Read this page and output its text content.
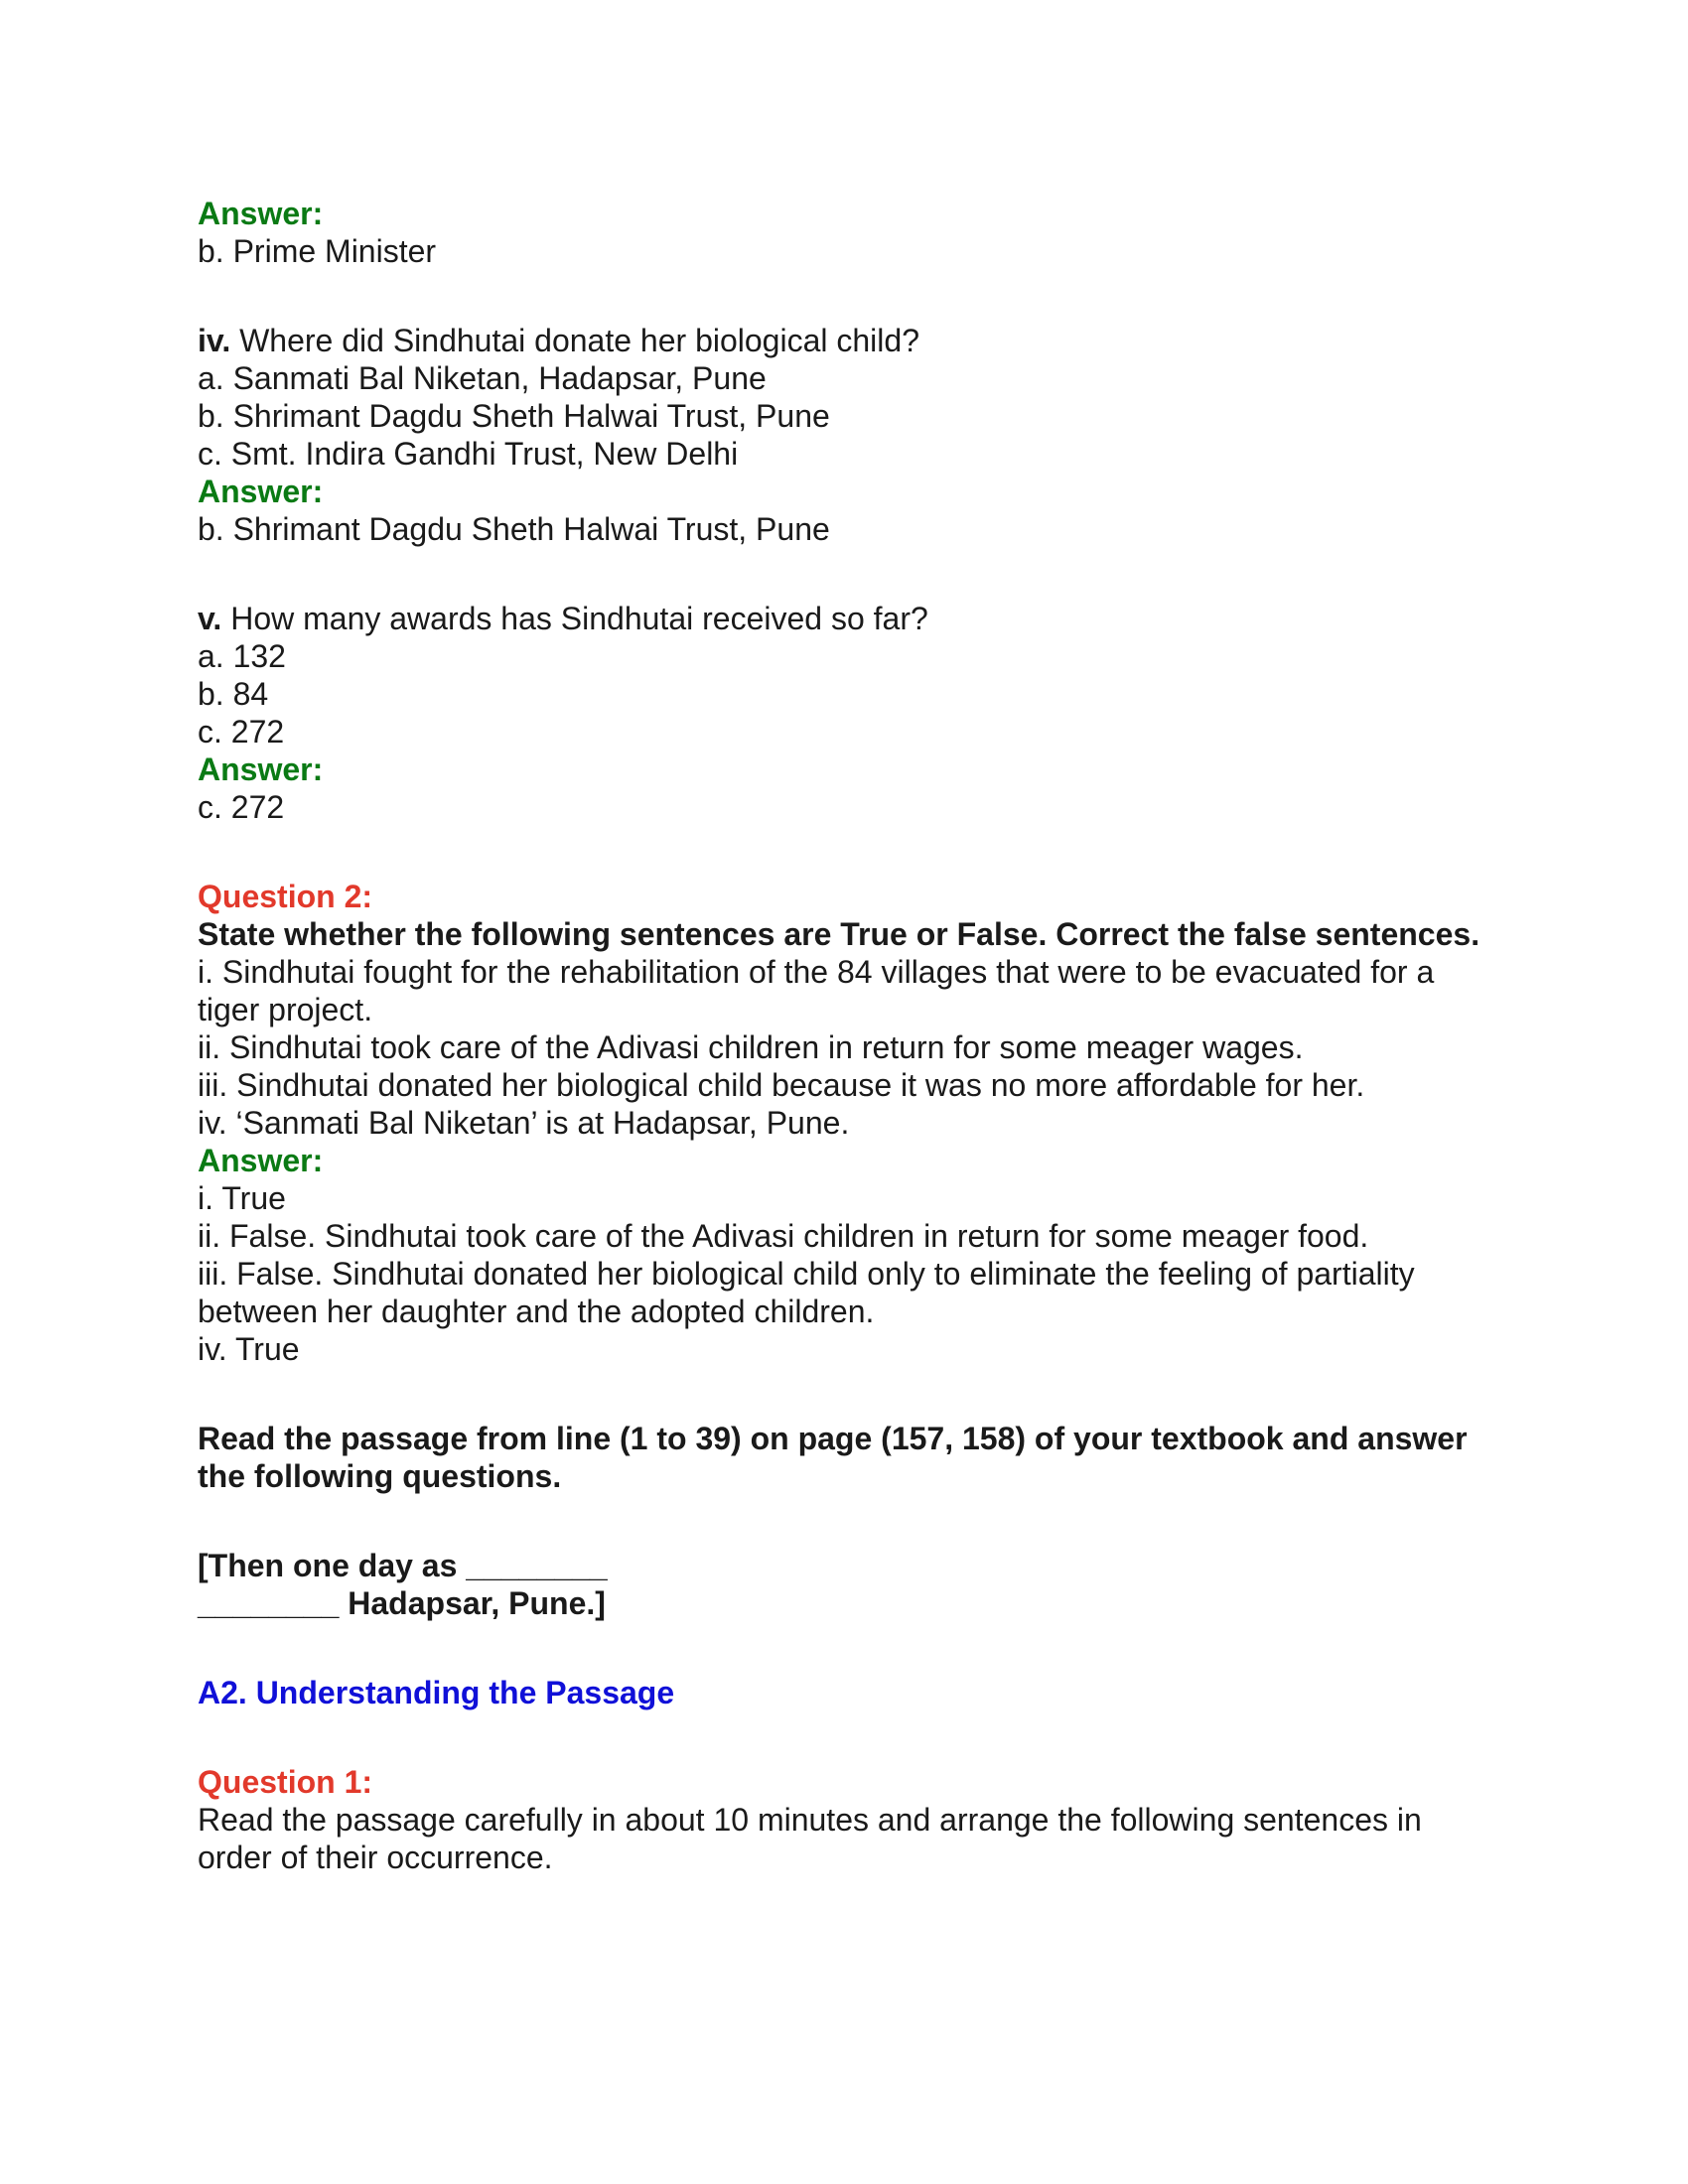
Answer:

b. Prime Minister

iv. Where did Sindhutai donate her biological child?

a. Sanmati Bal Niketan, Hadapsar, Pune

b. Shrimant Dagdu Sheth Halwai Trust, Pune

c. Smt. Indira Gandhi Trust, New Delhi

Answer:

b. Shrimant Dagdu Sheth Halwai Trust, Pune

v. How many awards has Sindhutai received so far?

a. 132

b. 84

c. 272

Answer:

c. 272

Question 2:

State whether the following sentences are True or False. Correct the false sentences.

i. Sindhutai fought for the rehabilitation of the 84 villages that were to be evacuated for a tiger project.

ii. Sindhutai took care of the Adivasi children in return for some meager wages.

iii. Sindhutai donated her biological child because it was no more affordable for her.

iv. ‘Sanmati Bal Niketan’ is at Hadapsar, Pune.

Answer:

i. True

ii. False. Sindhutai took care of the Adivasi children in return for some meager food.

iii. False. Sindhutai donated her biological child only to eliminate the feeling of partiality between her daughter and the adopted children.

iv. True

Read the passage from line (1 to 39) on page (157, 158) of your textbook and answer the following questions.

[Then one day as ________

________ Hadapsar, Pune.]

A2. Understanding the Passage

Question 1:

Read the passage carefully in about 10 minutes and arrange the following sentences in order of their occurrence.
